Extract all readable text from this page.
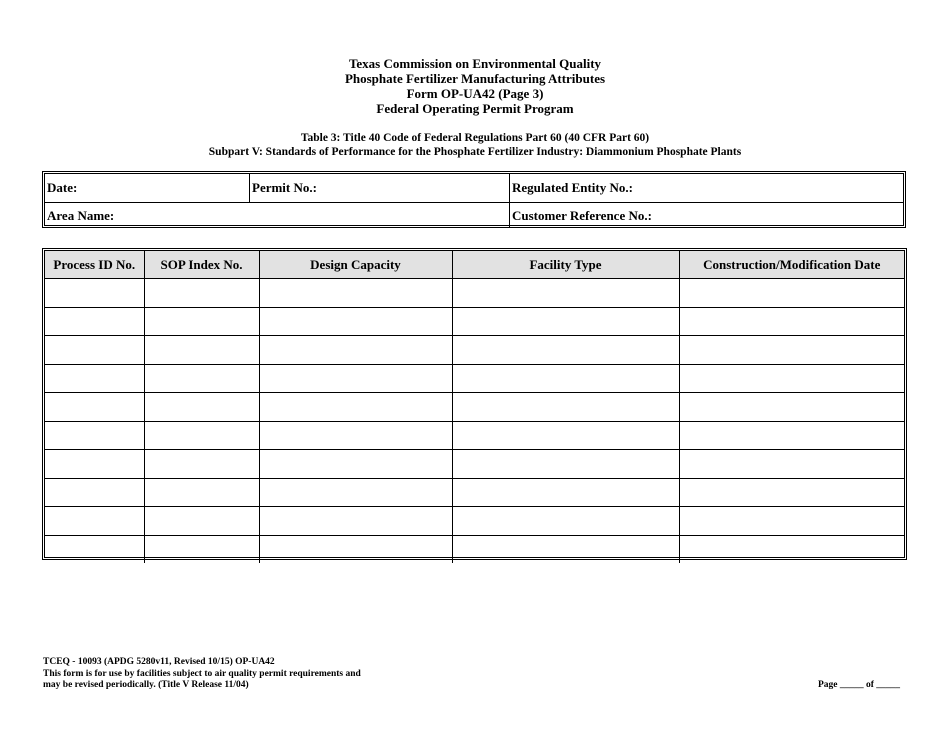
Texas Commission on Environmental Quality
Phosphate Fertilizer Manufacturing Attributes
Form OP-UA42 (Page 3)
Federal Operating Permit Program
Table 3: Title 40 Code of Federal Regulations Part 60 (40 CFR Part 60)
Subpart V: Standards of Performance for the Phosphate Fertilizer Industry: Diammonium Phosphate Plants
Date:	Permit No.:	Regulated Entity No.:
Area Name:	Customer Reference No.:
Process ID No.	SOP Index No.	Design Capacity	Facility Type	Construction/Modification Date

TCEQ - 10093 (APDG 5280v11, Revised 10/15) OP-UA42
This form is for use by facilities subject to air quality permit requirements and
may be revised periodically. (Title V Release 11/04)	Page _____ of _____
